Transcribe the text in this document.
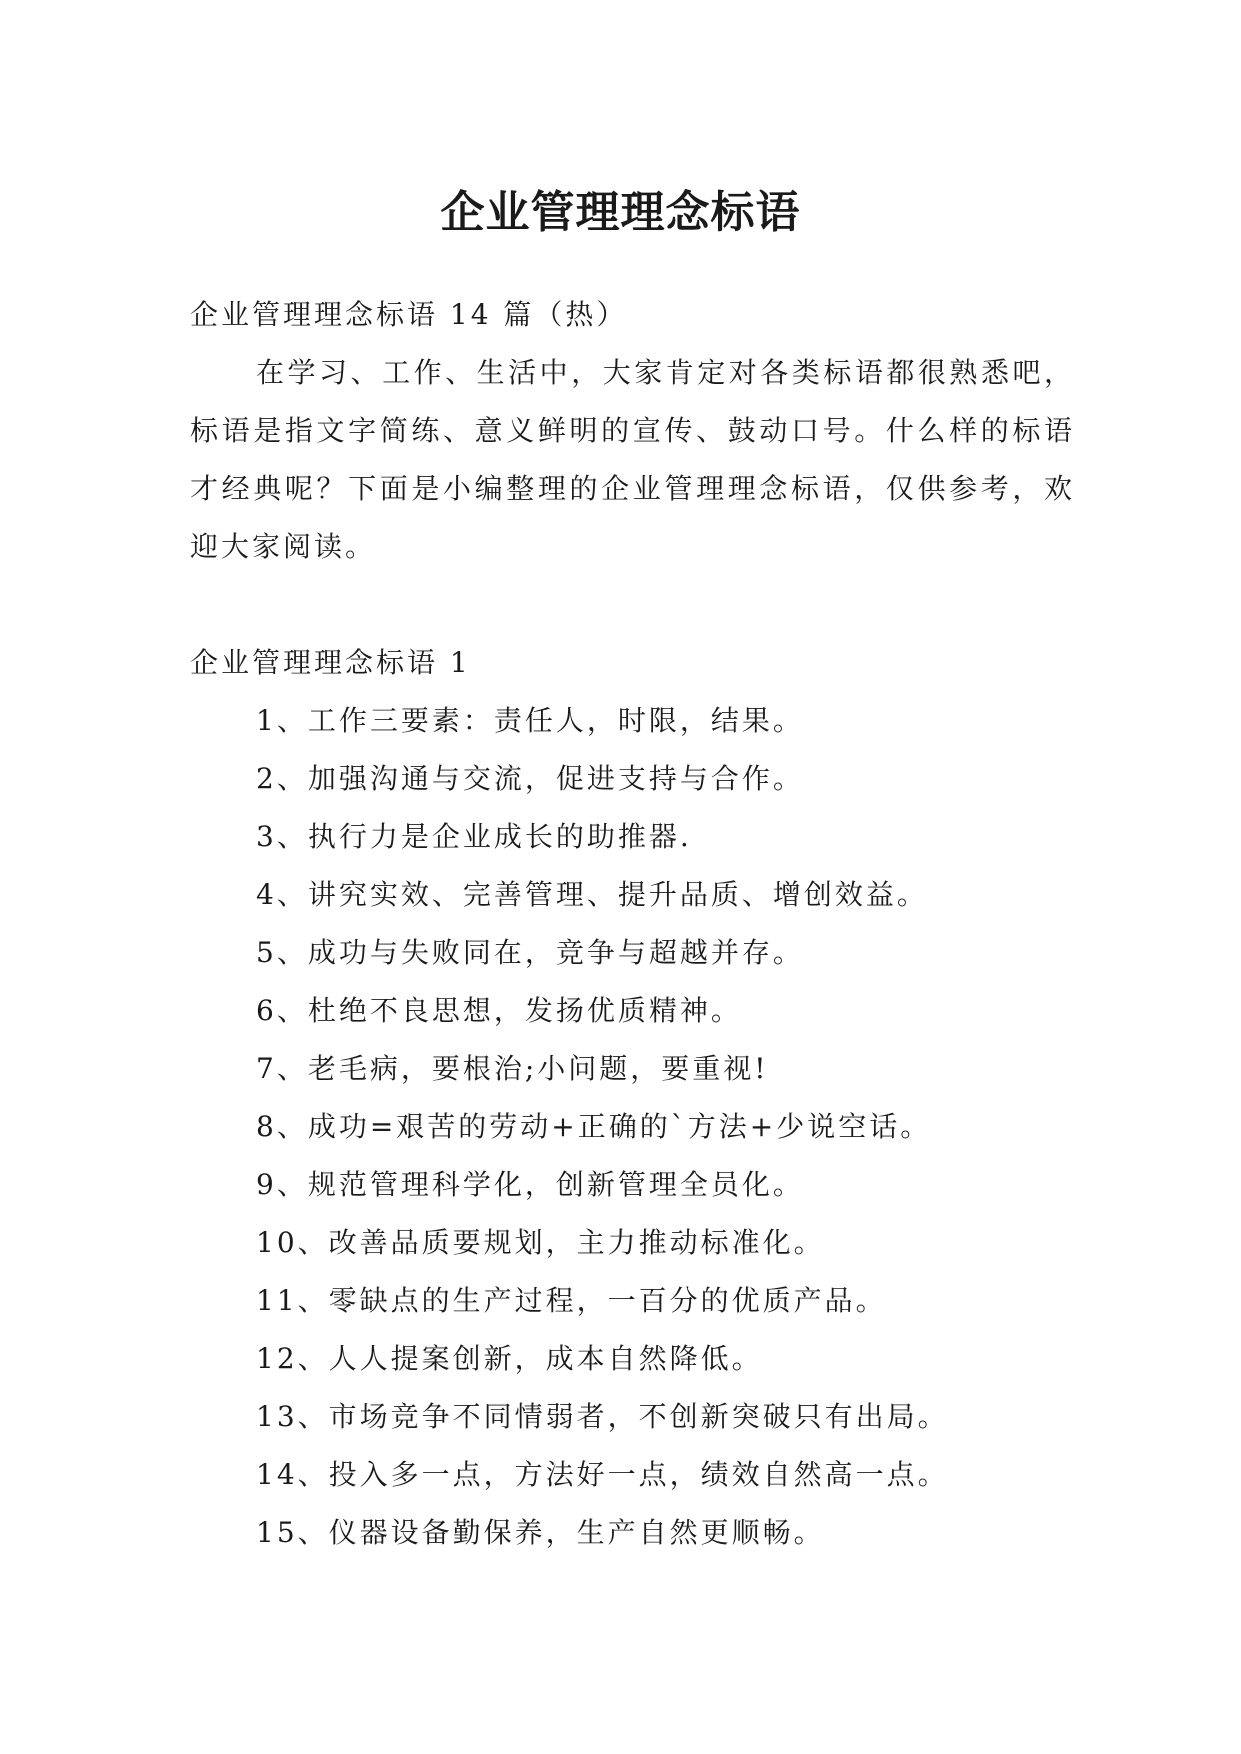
企业管理理念标语

企业管理理念标语 14 篇（热）

在学习、工作、生活中，大家肯定对各类标语都很熟悉吧，标语是指文字简练、意义鲜明的宣传、鼓动口号。什么样的标语才经典呢？下面是小编整理的企业管理理念标语，仅供参考，欢迎大家阅读。

企业管理理念标语 1

1、工作三要素：责任人，时限，结果。
2、加强沟通与交流，促进支持与合作。
3、执行力是企业成长的助推器.
4、讲究实效、完善管理、提升品质、增创效益。
5、成功与失败同在，竞争与超越并存。
6、杜绝不良思想，发扬优质精神。
7、老毛病，要根治;小问题，要重视!
8、成功=艰苦的劳动+正确的`方法+少说空话。
9、规范管理科学化，创新管理全员化。
10、改善品质要规划，主力推动标准化。
11、零缺点的生产过程，一百分的优质产品。
12、人人提案创新，成本自然降低。
13、市场竞争不同情弱者，不创新突破只有出局。
14、投入多一点，方法好一点，绩效自然高一点。
15、仪器设备勤保养，生产自然更顺畅。
